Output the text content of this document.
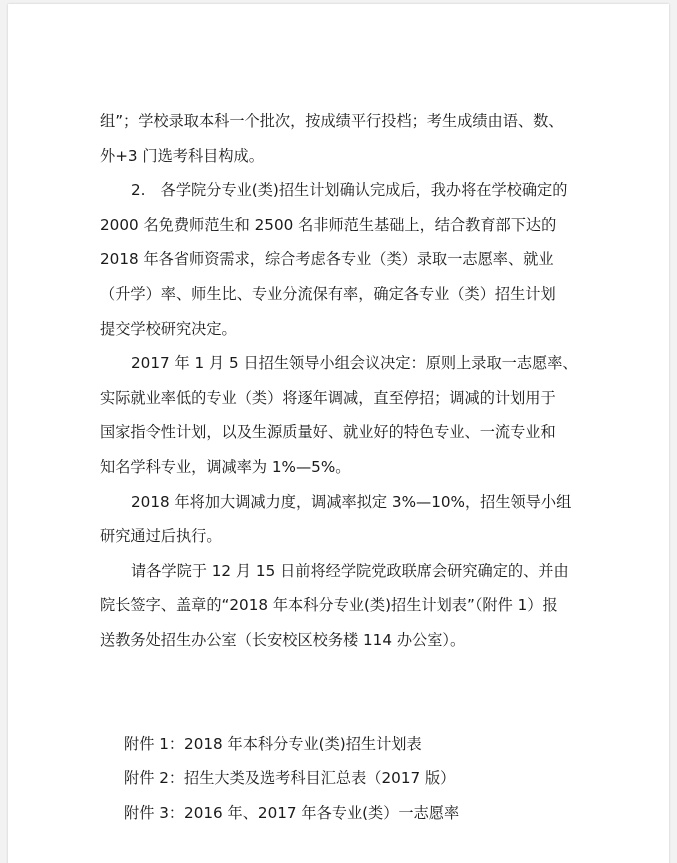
组”；学校录取本科一个批次，按成绩平行投档；考生成绩由语、数、
外+3 门选考科目构成。
2.　各学院分专业(类)招生计划确认完成后，我办将在学校确定的
2000 名免费师范生和 2500 名非师范生基础上，结合教育部下达的
2018 年各省师资需求，综合考虑各专业（类）录取一志愿率、就业
（升学）率、师生比、专业分流保有率，确定各专业（类）招生计划
提交学校研究决定。
2017 年 1 月 5 日招生领导小组会议决定：原则上录取一志愿率、
实际就业率低的专业（类）将逐年调减，直至停招；调减的计划用于
国家指令性计划，以及生源质量好、就业好的特色专业、一流专业和
知名学科专业，调减率为 1%—5%。
2018 年将加大调减力度，调减率拟定 3%—10%，招生领导小组
研究通过后执行。
请各学院于 12 月 15 日前将经学院党政联席会研究确定的、并由
院长签字、盖章的“2018 年本科分专业(类)招生计划表”（附件 1）报
送教务处招生办公室（长安校区校务楼 114 办公室）。
附件 1：2018 年本科分专业(类)招生计划表
附件 2：招生大类及选考科目汇总表（2017 版）
附件 3：2016 年、2017 年各专业(类）一志愿率
